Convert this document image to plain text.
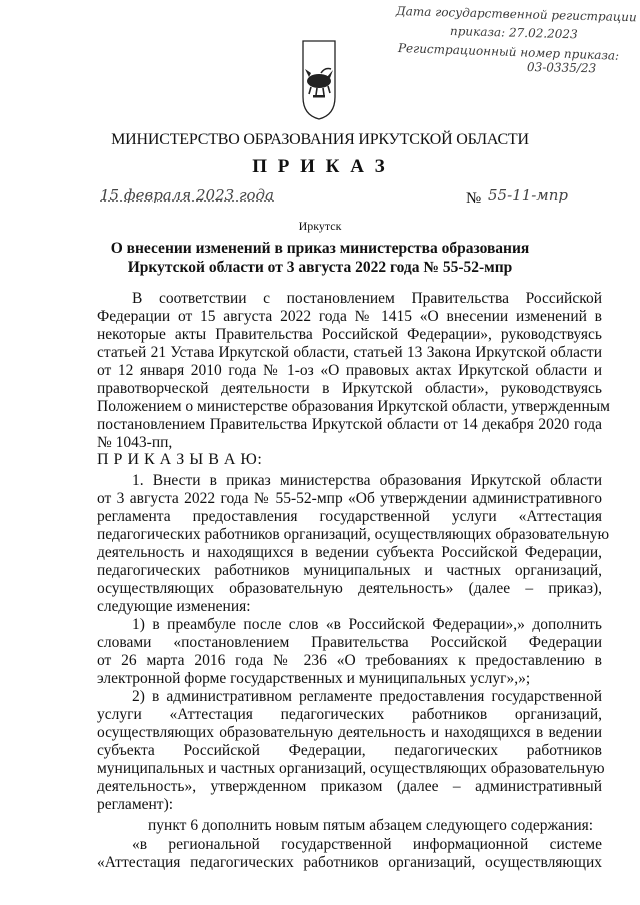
Дата государственной регистрации
приказа: 27.02.2023
Регистрационный номер приказа:
03-0335/23
МИНИСТЕРСТВО ОБРАЗОВАНИЯ ИРКУТСКОЙ ОБЛАСТИ
П Р И К А З
15 февраля 2023 года	№ 55-11-мпр
Иркутск
О внесении изменений в приказ министерства образования
Иркутской области от 3 августа 2022 года № 55-52-мпр
В соответствии с постановлением Правительства Российской
Федерации от 15 августа 2022 года № 1415 «О внесении изменений в
некоторые акты Правительства Российской Федерации», руководствуясь
статьей 21 Устава Иркутской области, статьей 13 Закона Иркутской области
от 12 января 2010 года № 1-оз «О правовых актах Иркутской области и
правотворческой деятельности в Иркутской области», руководствуясь
Положением о министерстве образования Иркутской области, утвержденным
постановлением Правительства Иркутской области от 14 декабря 2020 года
№ 1043-пп,
П Р И К А З Ы В А Ю:
1. Внести в приказ министерства образования Иркутской области
от 3 августа 2022 года № 55-52-мпр «Об утверждении административного
регламента предоставления государственной услуги «Аттестация
педагогических работников организаций, осуществляющих образовательную
деятельность и находящихся в ведении субъекта Российской Федерации,
педагогических работников муниципальных и частных организаций,
осуществляющих образовательную деятельность» (далее – приказ),
следующие изменения:
1) в преамбуле после слов «в Российской Федерации»,» дополнить
словами «постановлением Правительства Российской Федерации
от 26 марта 2016 года № 236 «О требованиях к предоставлению в
электронной форме государственных и муниципальных услуг»,»;
2) в административном регламенте предоставления государственной
услуги «Аттестация педагогических работников организаций,
осуществляющих образовательную деятельность и находящихся в ведении
субъекта Российской Федерации, педагогических работников
муниципальных и частных организаций, осуществляющих образовательную
деятельность», утвержденном приказом (далее – административный
регламент):
пункт 6 дополнить новым пятым абзацем следующего содержания:
«в региональной государственной информационной системе
«Аттестация педагогических работников организаций, осуществляющих
